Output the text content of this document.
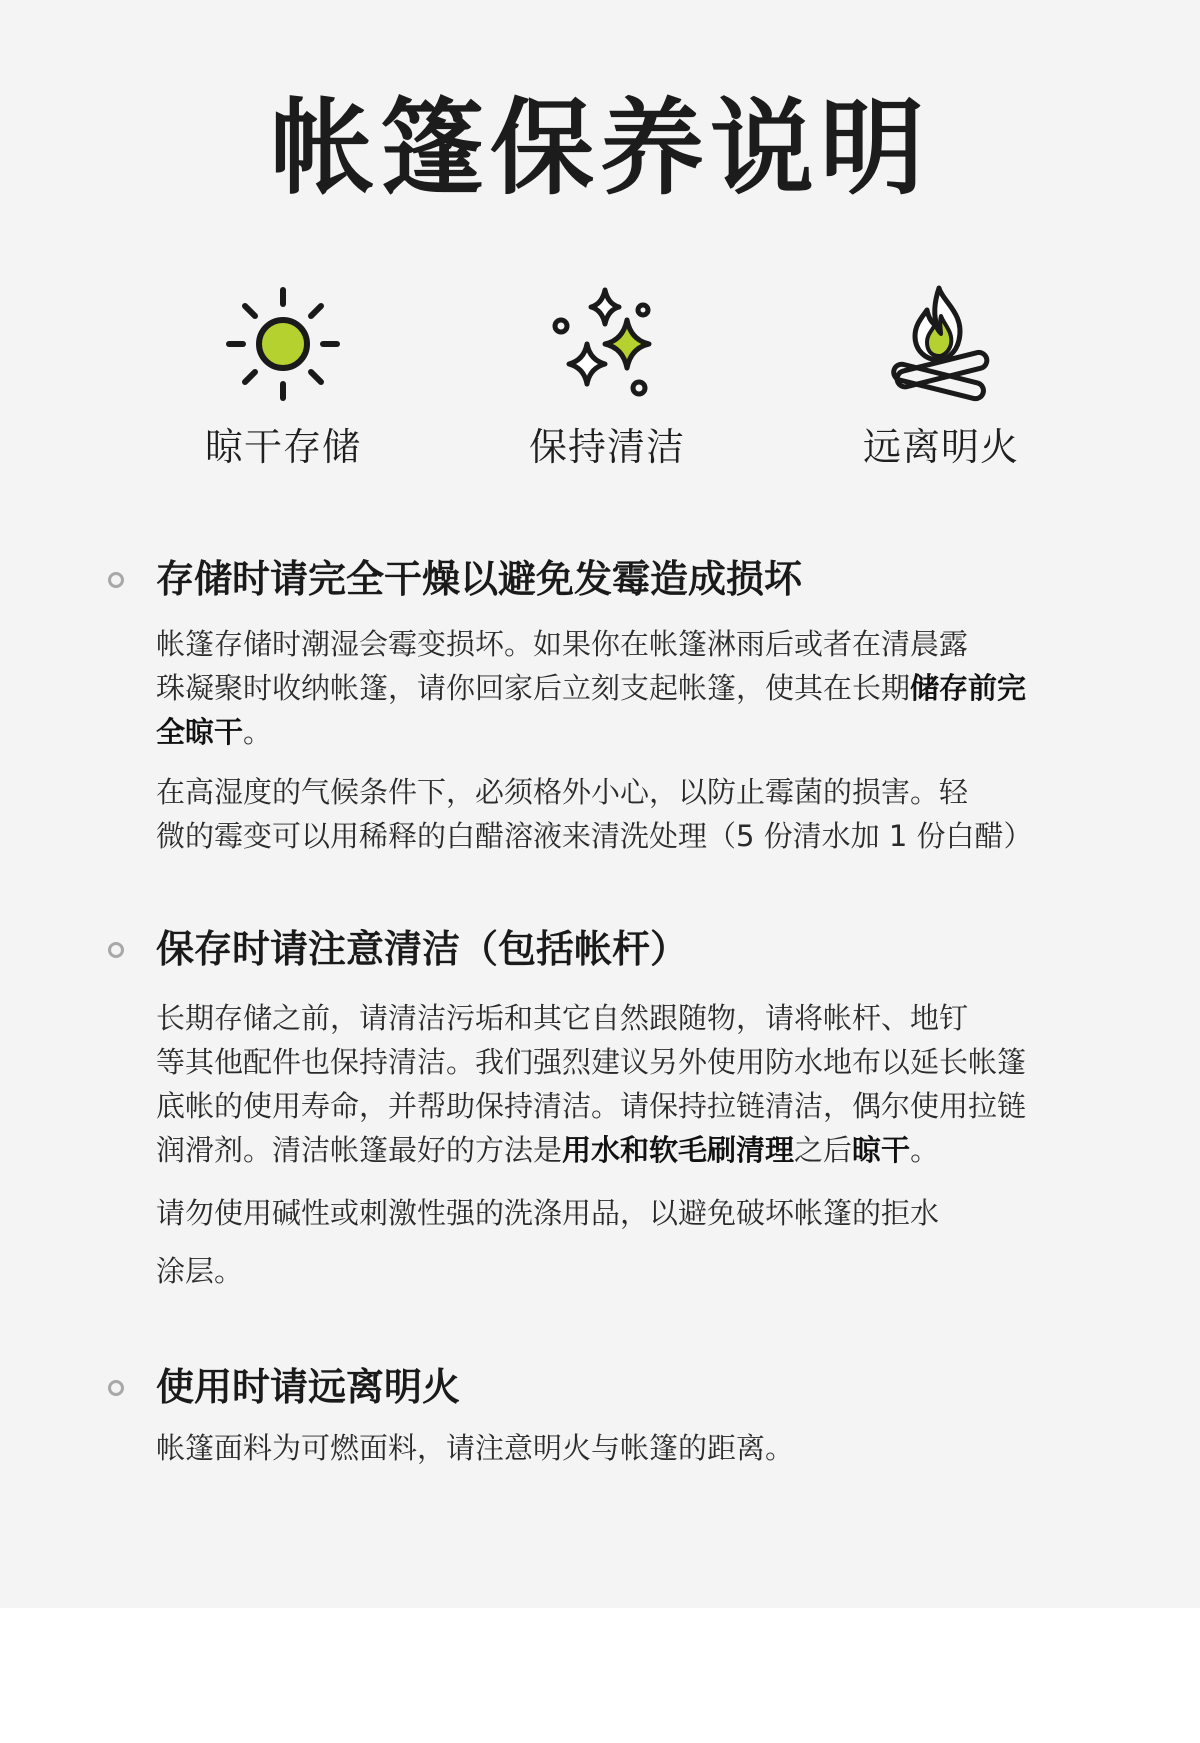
帐篷保养说明
晾干存储	保持清洁	远离明火
存储时请完全干燥以避免发霉造成损坏
帐篷存储时潮湿会霉变损坏。如果你在帐篷淋雨后或者在清晨露
珠凝聚时收纳帐篷，请你回家后立刻支起帐篷，使其在长期储存前完
全晾干。
在高湿度的气候条件下，必须格外小心，以防止霉菌的损害。轻
微的霉变可以用稀释的白醋溶液来清洗处理（5 份清水加 1 份白醋）
保存时请注意清洁（包括帐杆）
长期存储之前，请清洁污垢和其它自然跟随物，请将帐杆、地钉
等其他配件也保持清洁。我们强烈建议另外使用防水地布以延长帐篷
底帐的使用寿命，并帮助保持清洁。请保持拉链清洁，偶尔使用拉链
润滑剂。清洁帐篷最好的方法是用水和软毛刷清理之后晾干。
请勿使用碱性或刺激性强的洗涤用品，以避免破坏帐篷的拒水
涂层。
使用时请远离明火
帐篷面料为可燃面料，请注意明火与帐篷的距离。
